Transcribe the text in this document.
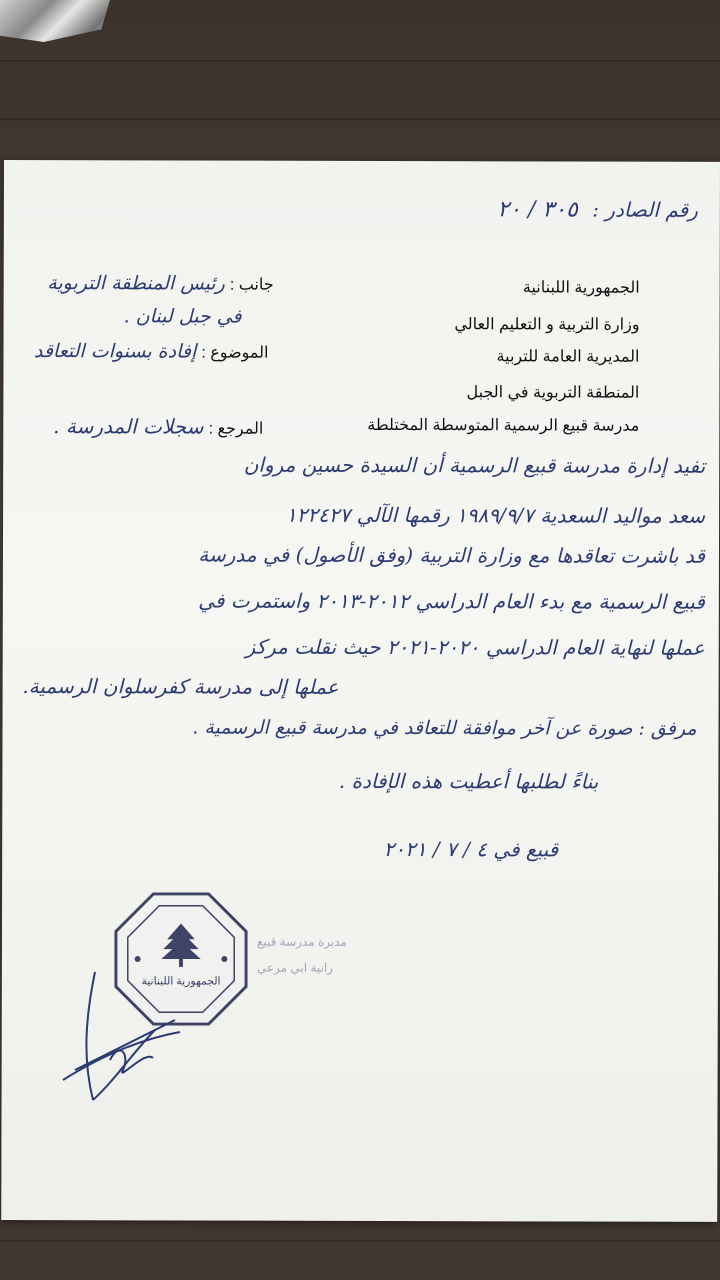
رقم الصادر : ٣٠٥ / ٢٠
الجمهورية اللبنانية
وزارة التربية و التعليم العالي
المديرية العامة للتربية
المنطقة التربوية في الجبل
مدرسة قبيع الرسمية المتوسطة المختلطة
جانب : رئيس المنطقة التربوية
في جبل لبنان .
الموضوع : إفادة بسنوات التعاقد
المرجع : سجلات المدرسة .
تفيد إدارة مدرسة قبيع الرسمية أن السيدة حسين مروان
سعد مواليد السعدية ١٩٨٩/٩/٧ رقمها الآلي ١٢٢٤٢٧
قد باشرت تعاقدها مع وزارة التربية (وفق الأصول) في مدرسة
قبيع الرسمية مع بدء العام الدراسي ٢٠١٢-٢٠١٣ واستمرت في
عملها لنهاية العام الدراسي ٢٠٢٠-٢٠٢١ حيث نقلت مركز
عملها إلى مدرسة كفرسلوان الرسمية.
مرفق : صورة عن آخر موافقة للتعاقد في مدرسة قبيع الرسمية .
بناءً لطلبها أعطيت هذه الإفادة .
قبيع في ٤ / ٧ / ٢٠٢١
مديرة مدرسة قبيع
رانية ابي مرعي
الجمهورية اللبنانية
